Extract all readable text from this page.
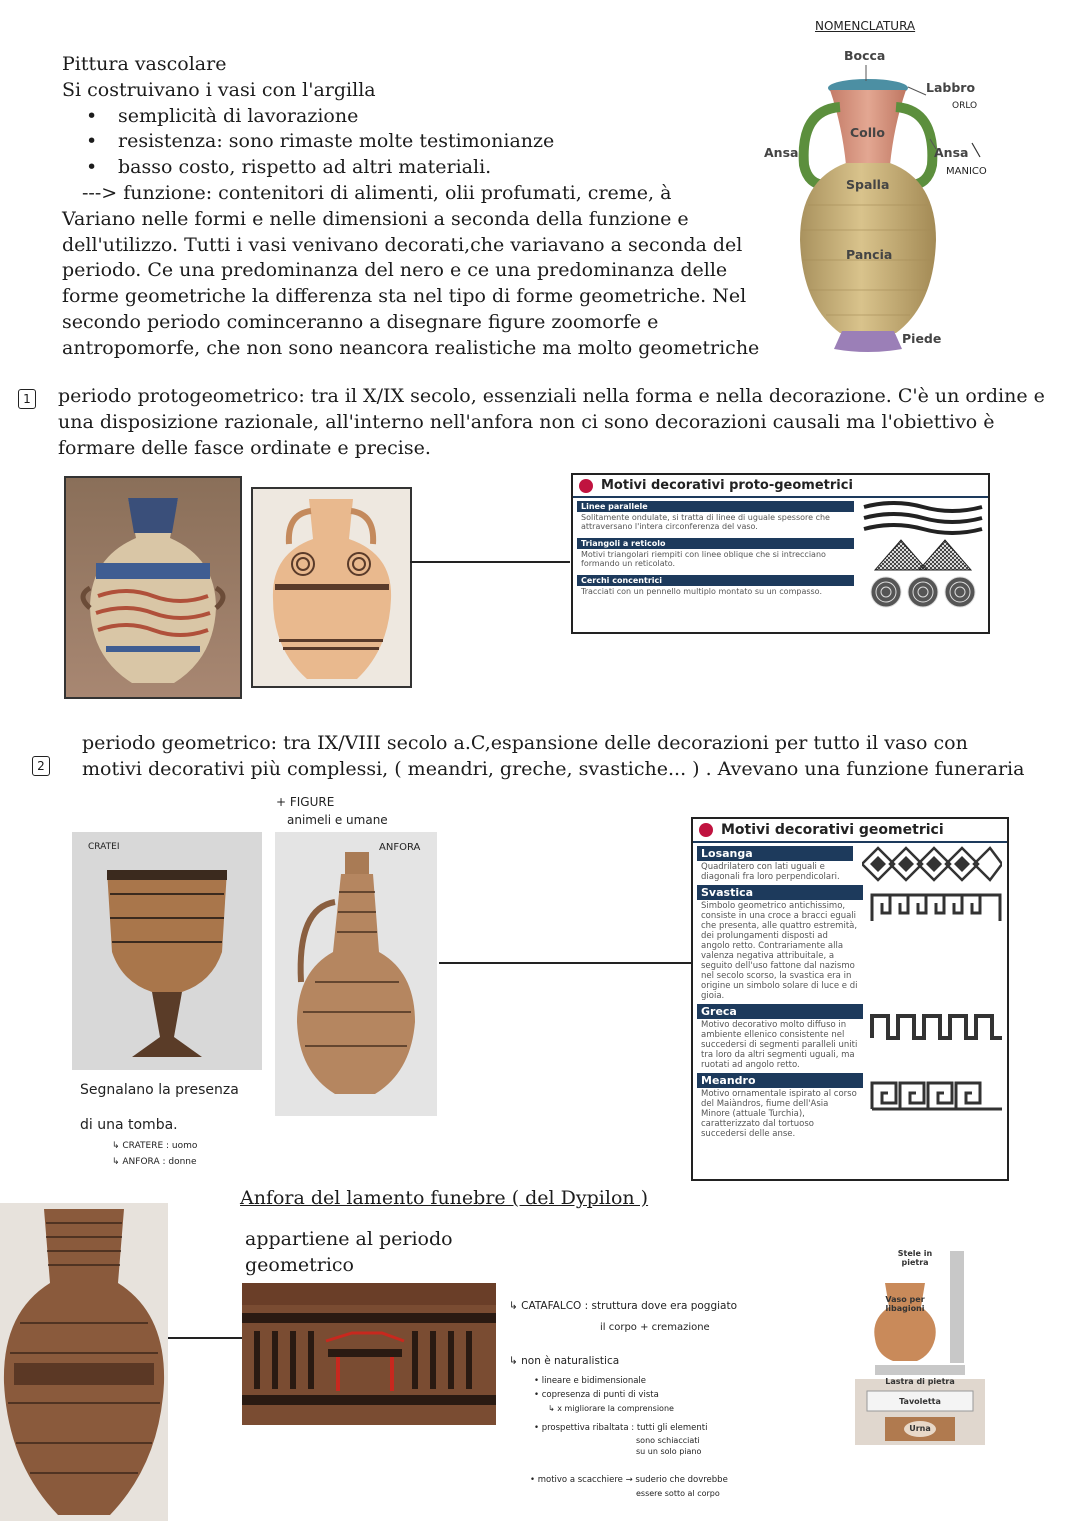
Pittura vascolare
Si costruivano i vasi con l'argilla
• semplicità di lavorazione
• resistenza: sono rimaste molte testimonianze
• basso costo, rispetto ad altri materiali.
---> funzione: contenitori di alimenti, olii profumati, creme, à
Variano nelle formi e nelle dimensioni a seconda della funzione e
dell'utilizzo. Tutti i vasi venivano decorati,che variavano a seconda del
periodo. Ce una predominanza del nero e ce una predominanza delle
forme geometriche la differenza sta nel tipo di forme geometriche. Nel
secondo periodo cominceranno a disegnare figure zoomorfe e
antropomorfe, che non sono neancora realistiche ma molto geometriche
NOMENCLATURA
Bocca
Labbro
ORLO
Collo
Ansa	Ansa
MANICO
Spalla
Pancia
Piede
1 periodo protogeometrico: tra il X/IX secolo, essenziali nella forma e nella decorazione. C'è un ordine e
una disposizione razionale, all'interno nell'anfora non ci sono decorazioni causali ma l'obiettivo è
formare delle fasce ordinate e precise.
Motivi decorativi proto-geometrici
Linee parallele
Solitamente ondulate, si tratta di linee di uguale spessore che attraversano l'intera circonferenza del vaso.
Triangoli a reticolo
Motivi triangolari riempiti con linee oblique che si intrecciano formando un reticolato.
Cerchi concentrici
Tracciati con un pennello multiplo montato su un compasso.
2
periodo geometrico: tra IX/VIII secolo a.C,espansione delle decorazioni per tutto il vaso con
motivi decorativi più complessi, ( meandri, greche, svastiche... ) . Avevano una funzione funeraria
+ FIGURE
animeli e umane
CRATEI	ANFORA
Segnalano la presenza
di una tomba.
↳ CRATERE : uomo
↳ ANFORA : donne
Motivi decorativi geometrici
Losanga
Quadrilatero con lati uguali e diagonali fra loro perpendicolari.
Svastica
Simbolo geometrico antichissimo, consiste in una croce a bracci eguali che presenta, alle quattro estremità, dei prolungamenti disposti ad angolo retto. Contrariamente alla valenza negativa attribuitale, a seguito dell'uso fattone dal nazismo nel secolo scorso, la svastica era in origine un simbolo solare di luce e di gioia.
Greca
Motivo decorativo molto diffuso in ambiente ellenico consistente nel succedersi di segmenti paralleli uniti tra loro da altri segmenti uguali, ma ruotati ad angolo retto.
Meandro
Motivo ornamentale ispirato al corso del Maiàndros, fiume dell'Asia Minore (attuale Turchia), caratterizzato dal tortuoso succedersi delle anse.
Anfora del lamento funebre ( del Dypilon )
appartiene al periodo
geometrico
↳ CATAFALCO : struttura dove era poggiato
il corpo + cremazione
↳ non è naturalistica
• lineare e bidimensionale
• copresenza di punti di vista
↳ x migliorare la comprensione
• prospettiva ribaltata : tutti gli elementi
sono schiacciati
su un solo piano
• motivo a scacchiere → suderio che dovrebbe
essere sotto al corpo
Stele in pietra
Vaso per libagioni
Lastra di pietra
Tavoletta
Urna
